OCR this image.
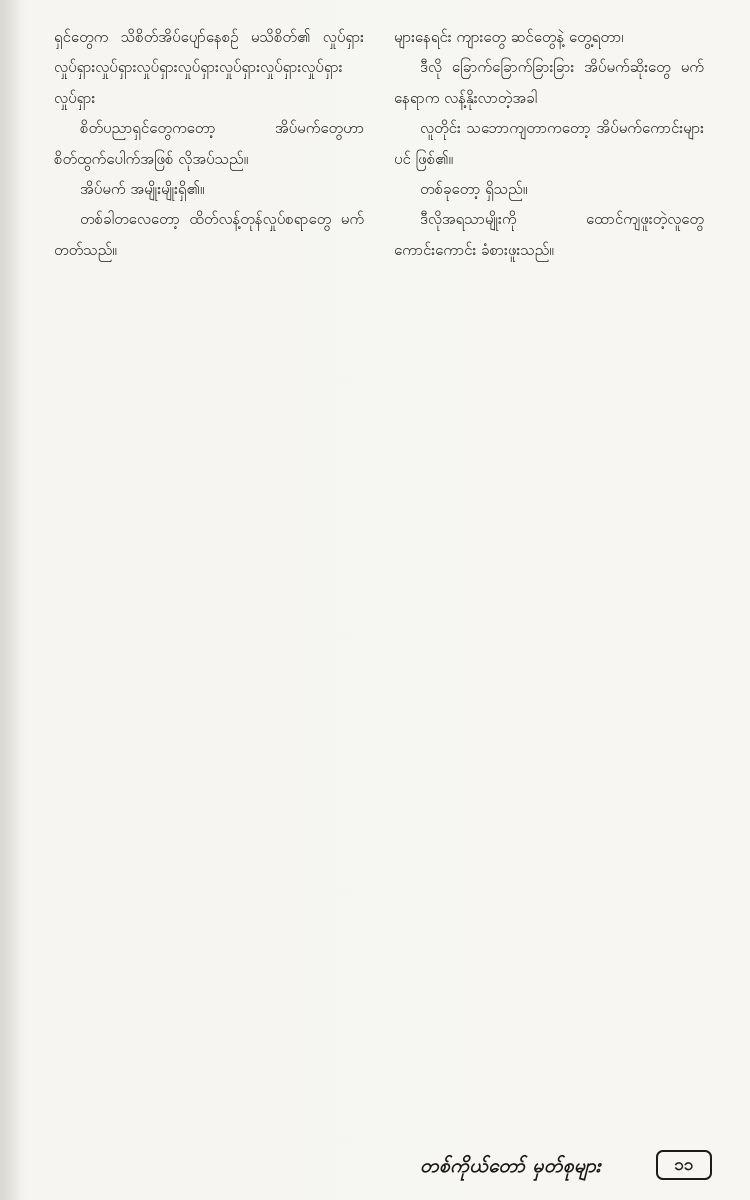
ရှင်တွေက သိစိတ်အိပ်ပျော်နေစဉ် မသိစိတ်၏ လှုပ်ရှားလှုပ်ရှားလှုပ်ရှားလှုပ်ရှားလှုပ်ရှားလှုပ်ရှားလှုပ်ရှားလှုပ်ရှားလှုပ်ရှား

စိတ်ပညာရှင်တွေကတော့ အိပ်မက်တွေဟာ စိတ်ထွက်ပေါက်အဖြစ် လိုအပ်သည်။

အိပ်မက် အမျိုးမျိုးရှိ၏။

တစ်ခါတလေတော့ ထိတ်လန့်တုန်လှုပ်စရာတွေ မက်တတ်သည်။

များနေရင်း ကျားတွေ ဆင်တွေနဲ့ တွေ့ရတာ၊

ဒီလို ခြောက်ခြောက်ခြားခြား အိပ်မက်ဆိုးတွေ မက်နေရာက လန့်နိုးလာတဲ့အခါ

လူတိုင်း သဘောကျတာကတော့ အိပ်မက်ကောင်းများပင် ဖြစ်၏။

တစ်ခုတော့ ရှိသည်။

ဒီလိုအရသာမျိုးကို ထောင်ကျဖူးတဲ့လူတွေ ကောင်းကောင်း ခံစားဖူးသည်။

တစ်ကိုယ်တော် မှတ်စုများ	၁၁
